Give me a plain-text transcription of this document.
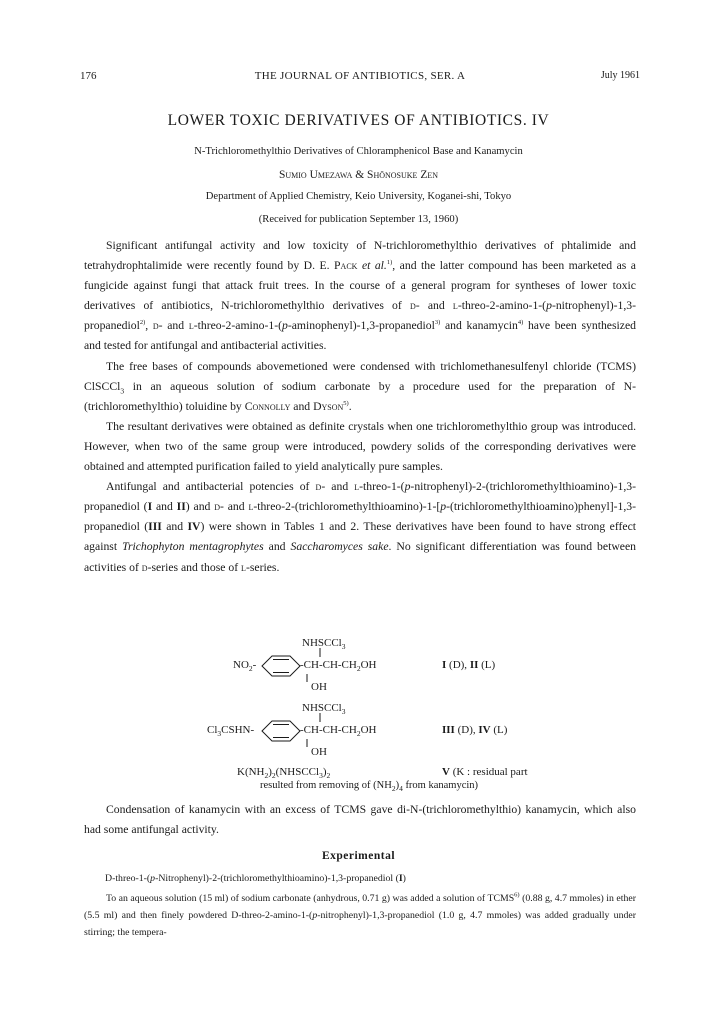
176	THE JOURNAL OF ANTIBIOTICS, SER. A	July 1961
LOWER TOXIC DERIVATIVES OF ANTIBIOTICS. IV
N-Trichloromethylthio Derivatives of Chloramphenicol Base and Kanamycin
Sumio Umezawa & Shōnosuke Zen
Department of Applied Chemistry, Keio University, Koganei-shi, Tokyo
(Received for publication September 13, 1960)

Significant antifungal activity and low toxicity of N-trichloromethylthio derivatives of phtalimide and tetrahydrophtalimide were recently found by D. E. Pack et al.$^{1)}$, and the latter compound has been marketed as a fungicide against fungi that attack fruit trees. In the course of a general program for syntheses of lower toxic derivatives of antibiotics, N-trichloromethylthio derivatives of d- and l-threo-2-amino-1-(p-nitrophenyl)-1,3-propanediol$^{2)}$, d- and l-threo-2-amino-1-(p-aminophenyl)-1,3-propanediol$^{3)}$ and kanamycin$^{4)}$ have been synthesized and tested for antifungal and antibacterial activities.

The free bases of compounds abovemetioned were condensed with trichlomethanesulfenyl chloride (TCMS) ClSCCl$_3$ in an aqueous solution of sodium carbonate by a procedure used for the preparation of N-(trichloromethylthio) toluidine by Connolly and Dyson$^{5)}$.

The resultant derivatives were obtained as definite crystals when one trichloromethylthio group was introduced. However, when two of the same group were introduced, powdery solids of the corresponding derivatives were obtained and attempted purification failed to yield analytically pure samples.

Antifungal and antibacterial potencies of d- and l-threo-1-(p-nitrophenyl)-2-(trichloromethylthioamino)-1,3-propanediol (I and II) and d- and l-threo-2-(trichloromethylthioamino)-1-[p-(trichloromethylthioamino)phenyl]-1,3-propanediol (III and IV) were shown in Tables 1 and 2. These derivatives have been found to have strong effect against Trichophyton mentagrophytes and Saccharomyces sake. No significant differentiation was found between activities of d-series and those of l-series.

NHSCCl$_3$
$NO_2-$	$-CH-CH-CH_2OH$
OH
I (D), II (L)
NHSCCl$_3$
$Cl_3CSHN-$	$-CH-CH-CH_2OH$
OH
III (D), IV (L)
$K(NH_2)_2(NHSCCl_3)_2$	V (K : residual part
resulted from removing of $(NH_2)_4$ from kanamycin)

Condensation of kanamycin with an excess of TCMS gave di-N-(trichloromethylthio) kanamycin, which also had some antifungal activity.

Experimental
D-threo-1-(p-Nitrophenyl)-2-(trichloromethylthioamino)-1,3-propanediol (I)

To an aqueous solution (15 ml) of sodium carbonate (anhydrous, 0.71 g) was added a solution of TCMS$^{6)}$ (0.88 g, 4.7 mmoles) in ether (5.5 ml) and then finely powdered D-threo-2-amino-1-(p-nitrophenyl)-1,3-propanediol (1.0 g, 4.7 mmoles) was added gradually under stirring; the tempera-
